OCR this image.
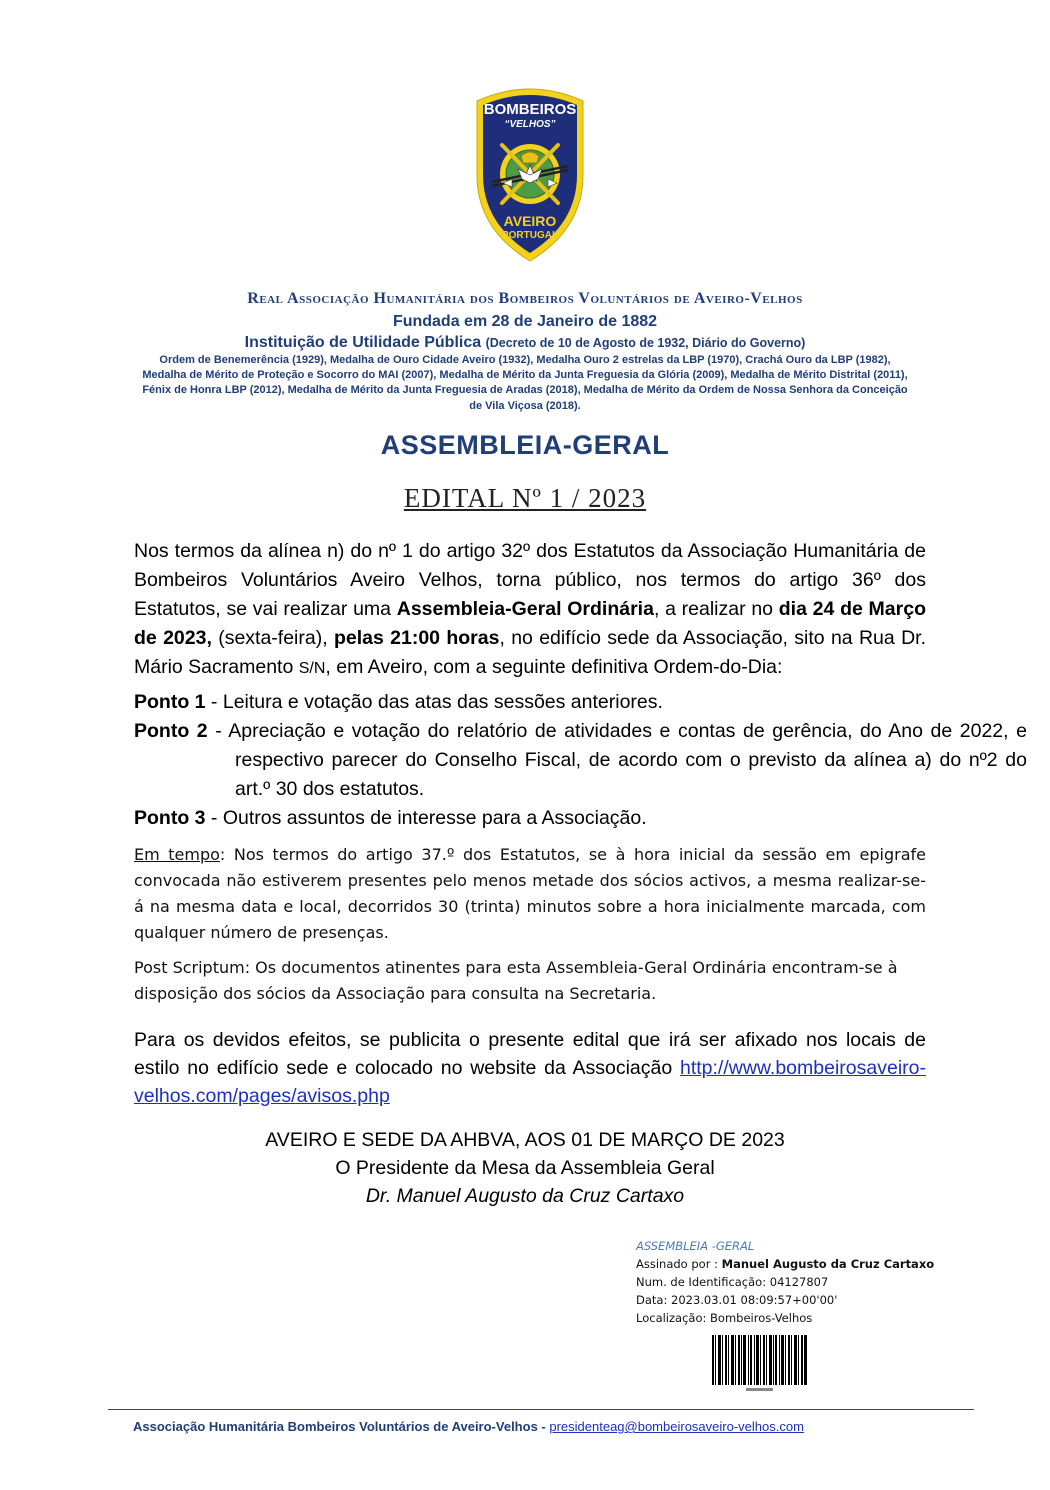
BOMBEIROS
“VELHOS”
AVEIRO
PORTUGAL
Real Associação Humanitária dos Bombeiros Voluntários de Aveiro-Velhos
Fundada em 28 de Janeiro de 1882
Instituição de Utilidade Pública (Decreto de 10 de Agosto de 1932, Diário do Governo)
Ordem de Benemerência (1929), Medalha de Ouro Cidade Aveiro (1932), Medalha Ouro 2 estrelas da LBP (1970), Crachá Ouro da LBP (1982), Medalha de Mérito de Proteção e Socorro do MAI (2007), Medalha de Mérito da Junta Freguesia da Glória (2009), Medalha de Mérito Distrital (2011), Fénix de Honra LBP (2012), Medalha de Mérito da Junta Freguesia de Aradas (2018), Medalha de Mérito da Ordem de Nossa Senhora da Conceição de Vila Viçosa (2018).
ASSEMBLEIA-GERAL
EDITAL Nº 1 / 2023
Nos termos da alínea n) do nº 1 do artigo 32º dos Estatutos da Associação Humanitária de Bombeiros Voluntários Aveiro Velhos, torna público, nos termos do artigo 36º dos Estatutos, se vai realizar uma Assembleia-Geral Ordinária, a realizar no dia 24 de Março de 2023, (sexta-feira), pelas 21:00 horas, no edifício sede da Associação, sito na Rua Dr. Mário Sacramento S/N, em Aveiro, com a seguinte definitiva Ordem-do-Dia:
Ponto 1 - Leitura e votação das atas das sessões anteriores.
Ponto 2 - Apreciação e votação do relatório de atividades e contas de gerência, do Ano de 2022, e respectivo parecer do Conselho Fiscal, de acordo com o previsto da alínea a) do nº2 do art.º 30 dos estatutos.
Ponto 3 - Outros assuntos de interesse para a Associação.
Em tempo: Nos termos do artigo 37.º dos Estatutos, se à hora inicial da sessão em epigrafe convocada não estiverem presentes pelo menos metade dos sócios activos, a mesma realizar-se-á na mesma data e local, decorridos 30 (trinta) minutos sobre a hora inicialmente marcada, com qualquer número de presenças.
Post Scriptum: Os documentos atinentes para esta Assembleia-Geral Ordinária encontram-se à disposição dos sócios da Associação para consulta na Secretaria.
Para os devidos efeitos, se publicita o presente edital que irá ser afixado nos locais de estilo no edifício sede e colocado no website da Associação http://www.bombeirosaveiro-velhos.com/pages/avisos.php
AVEIRO E SEDE DA AHBVA, AOS 01 DE MARÇO DE 2023
O Presidente da Mesa da Assembleia Geral
Dr. Manuel Augusto da Cruz Cartaxo
ASSEMBLEIA -GERAL
Assinado por : Manuel Augusto da Cruz Cartaxo
Num. de Identificação: 04127807
Data: 2023.03.01 08:09:57+00'00'
Localização: Bombeiros-Velhos
Associação Humanitária Bombeiros Voluntários de Aveiro-Velhos - presidenteag@bombeirosaveiro-velhos.com
